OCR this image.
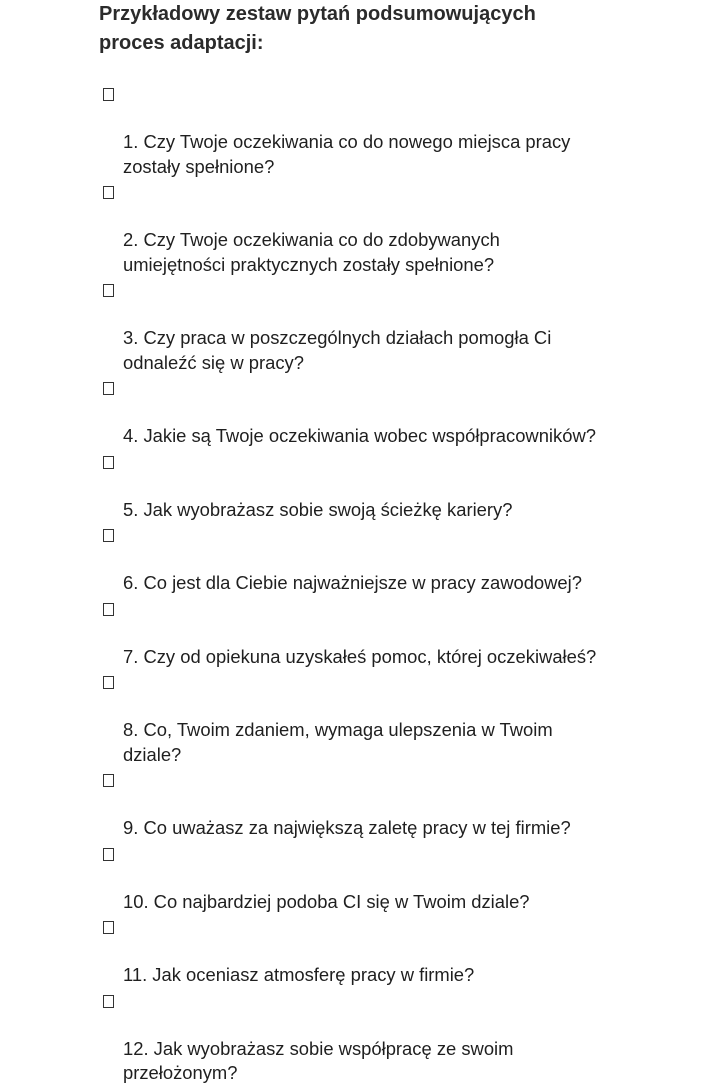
Przykładowy zestaw pytań podsumowujących
proces adaptacji:

1. Czy Twoje oczekiwania co do nowego miejsca pracy
zostały spełnione?

2. Czy Twoje oczekiwania co do zdobywanych
umiejętności praktycznych zostały spełnione?

3. Czy praca w poszczególnych działach pomogła Ci
odnaleźć się w pracy?

4. Jakie są Twoje oczekiwania wobec współpracowników?

5. Jak wyobrażasz sobie swoją ścieżkę kariery?

6. Co jest dla Ciebie najważniejsze w pracy zawodowej?

7. Czy od opiekuna uzyskałeś pomoc, której oczekiwałeś?

8. Co, Twoim zdaniem, wymaga ulepszenia w Twoim
dziale?

9. Co uważasz za największą zaletę pracy w tej firmie?

10. Co najbardziej podoba CI się w Twoim dziale?

11. Jak oceniasz atmosferę pracy w firmie?

12. Jak wyobrażasz sobie współpracę ze swoim
przełożonym?
